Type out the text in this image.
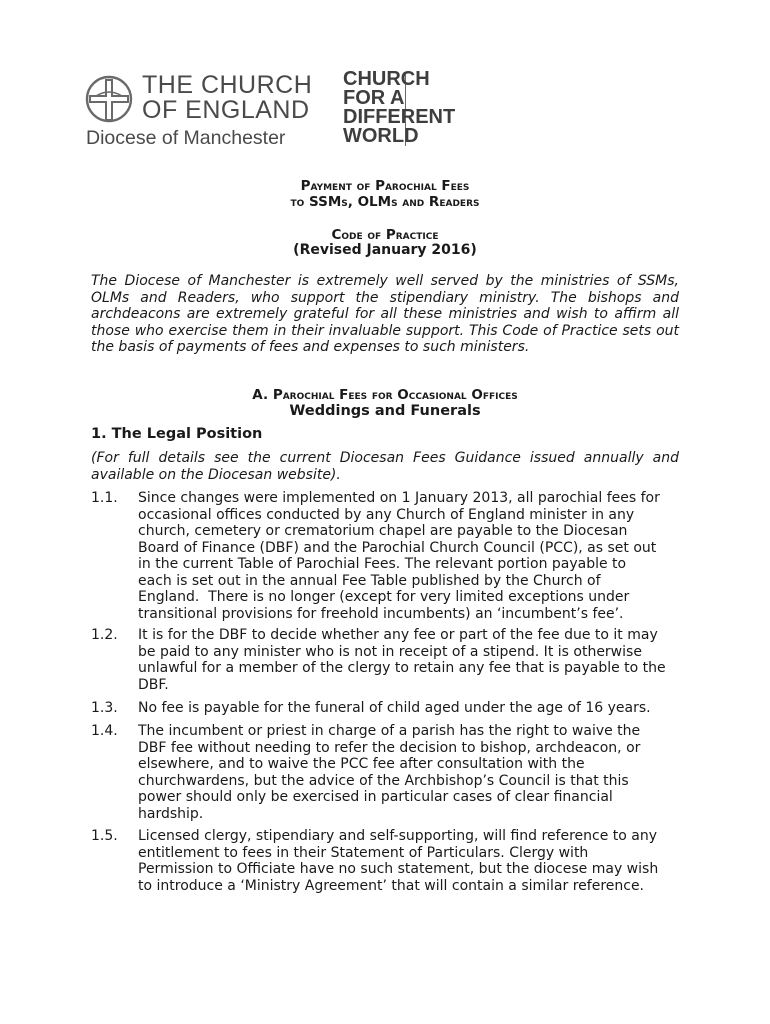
THE CHURCH
OF ENGLAND
Diocese of Manchester
CHURCH
FOR A
DIFFERENT
WORLD
Payment of Parochial Fees
to SSMs, OLMs and Readers
Code of Practice
(Revised January 2016)

The Diocese of Manchester is extremely well served by the ministries of SSMs, OLMs and Readers, who support the stipendiary ministry. The bishops and archdeacons are extremely grateful for all these ministries and wish to affirm all those who exercise them in their invaluable support. This Code of Practice sets out the basis of payments of fees and expenses to such ministers.

A. Parochial Fees for Occasional Offices
Weddings and Funerals
1. The Legal Position

(For full details see the current Diocesan Fees Guidance issued annually and available on the Diocesan website).

1.1. Since changes were implemented on 1 January 2013, all parochial fees for
occasional offices conducted by any Church of England minister in any
church, cemetery or crematorium chapel are payable to the Diocesan
Board of Finance (DBF) and the Parochial Church Council (PCC), as set out
in the current Table of Parochial Fees. The relevant portion payable to
each is set out in the annual Fee Table published by the Church of
England.  There is no longer (except for very limited exceptions under
transitional provisions for freehold incumbents) an ‘incumbent’s fee’.
1.2. It is for the DBF to decide whether any fee or part of the fee due to it may
be paid to any minister who is not in receipt of a stipend. It is otherwise
unlawful for a member of the clergy to retain any fee that is payable to the
DBF.
1.3. No fee is payable for the funeral of child aged under the age of 16 years.
1.4. The incumbent or priest in charge of a parish has the right to waive the
DBF fee without needing to refer the decision to bishop, archdeacon, or
elsewhere, and to waive the PCC fee after consultation with the
churchwardens, but the advice of the Archbishop’s Council is that this
power should only be exercised in particular cases of clear financial
hardship.
1.5. Licensed clergy, stipendiary and self-supporting, will find reference to any
entitlement to fees in their Statement of Particulars. Clergy with
Permission to Officiate have no such statement, but the diocese may wish
to introduce a ‘Ministry Agreement’ that will contain a similar reference.
